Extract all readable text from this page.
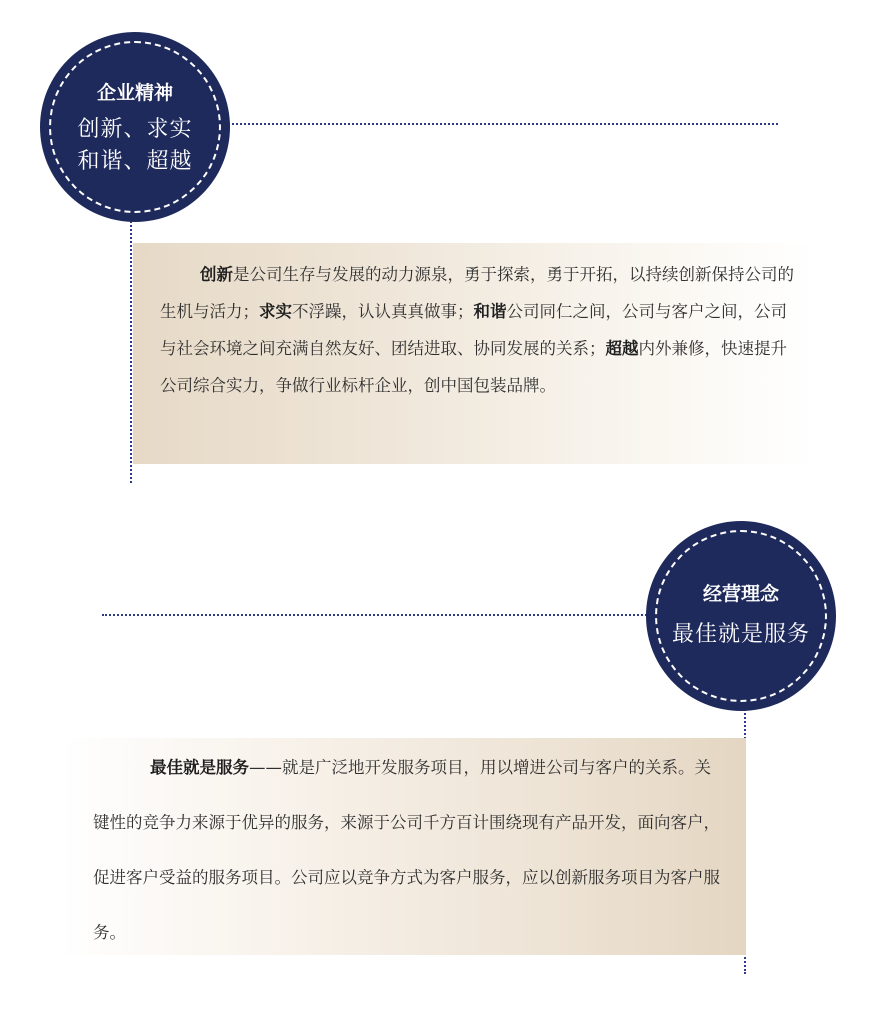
企业精神
创新、求实
和谐、超越
创新是公司生存与发展的动力源泉，勇于探索，勇于开拓，以持续创新保持公司的生机与活力；求实不浮躁，认认真真做事；和谐公司同仁之间，公司与客户之间，公司与社会环境之间充满自然友好、团结进取、协同发展的关系；超越内外兼修，快速提升公司综合实力，争做行业标杆企业，创中国包装品牌。
经营理念
最佳就是服务
最佳就是服务——就是广泛地开发服务项目，用以增进公司与客户的关系。关键性的竞争力来源于优异的服务，来源于公司千方百计围绕现有产品开发，面向客户，促进客户受益的服务项目。公司应以竞争方式为客户服务，应以创新服务项目为客户服务。
